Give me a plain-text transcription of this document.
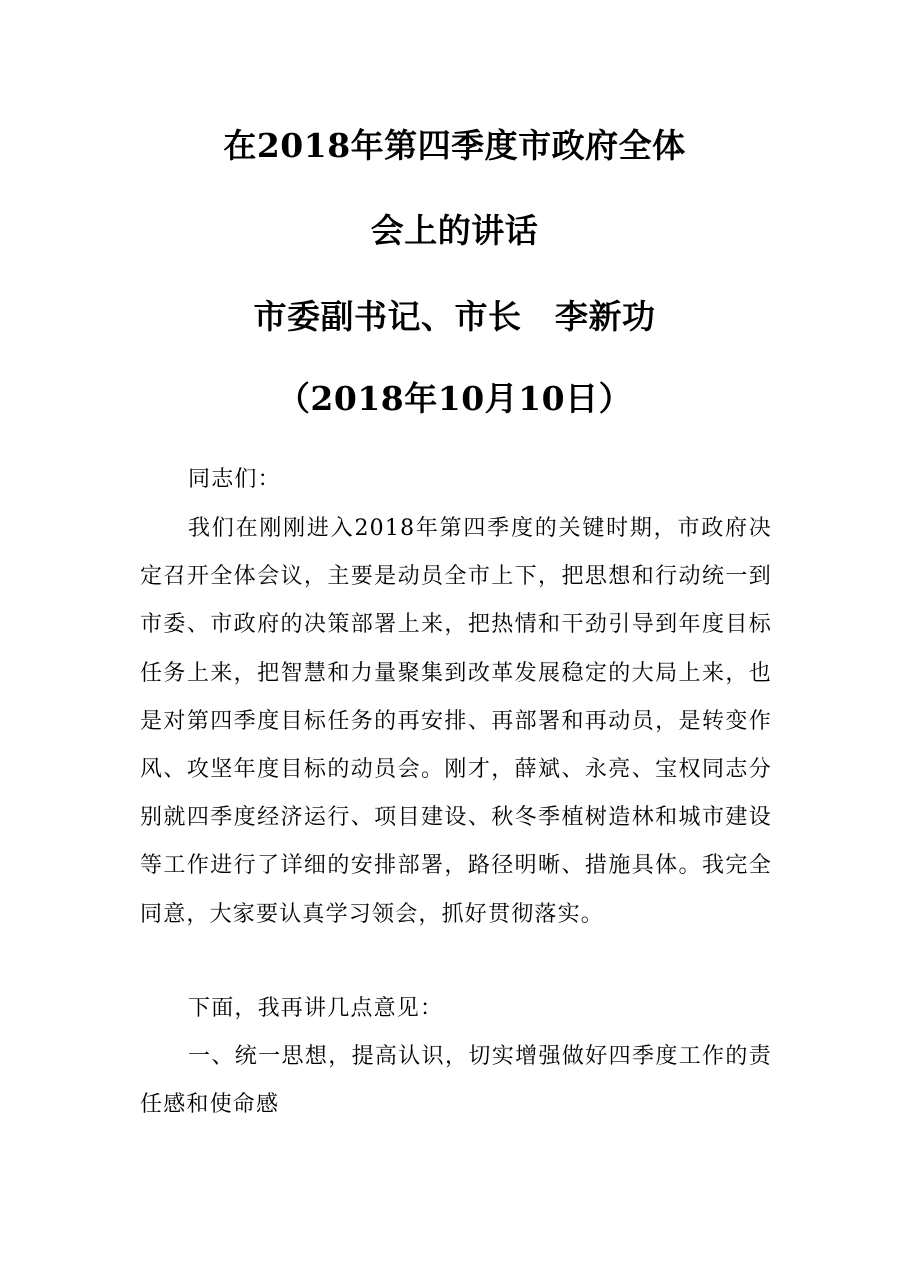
在2018年第四季度市政府全体
会上的讲话
市委副书记、市长　李新功
（2018年10月10日）

同志们：

我们在刚刚进入2018年第四季度的关键时期，市政府决定召开全体会议，主要是动员全市上下，把思想和行动统一到市委、市政府的决策部署上来，把热情和干劲引导到年度目标任务上来，把智慧和力量聚集到改革发展稳定的大局上来，也是对第四季度目标任务的再安排、再部署和再动员，是转变作风、攻坚年度目标的动员会。刚才，薛斌、永亮、宝权同志分别就四季度经济运行、项目建设、秋冬季植树造林和城市建设等工作进行了详细的安排部署，路径明晰、措施具体。我完全同意，大家要认真学习领会，抓好贯彻落实。

下面，我再讲几点意见：

一、统一思想，提高认识，切实增强做好四季度工作的责任感和使命感
